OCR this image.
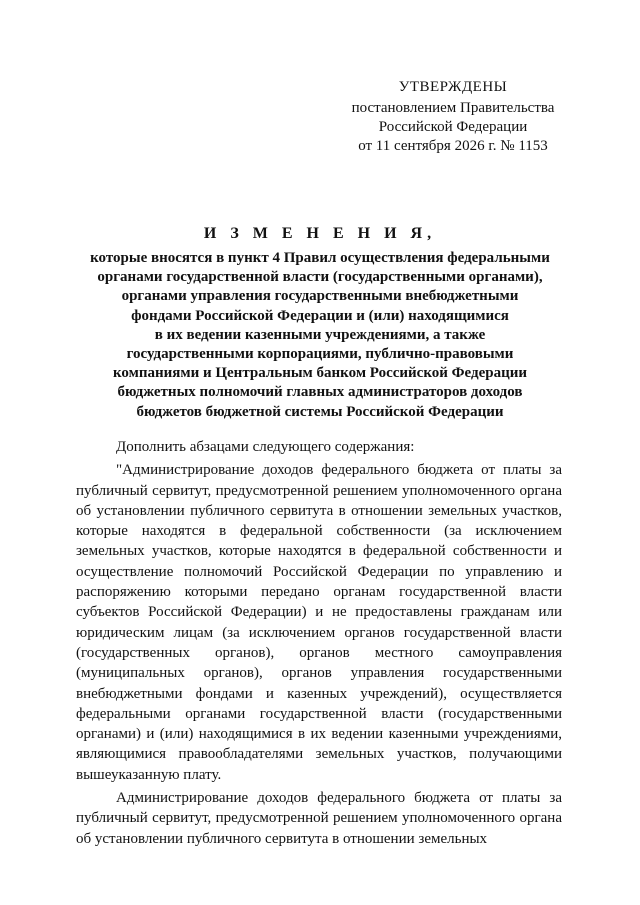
УТВЕРЖДЕНЫ
постановлением Правительства
Российской Федерации
от 11 сентября 2026 г. № 1153
И З М Е Н Е Н И Я,
которые вносятся в пункт 4 Правил осуществления федеральными
органами государственной власти (государственными органами),
органами управления государственными внебюджетными
фондами Российской Федерации и (или) находящимися
в их ведении казенными учреждениями, а также
государственными корпорациями, публично-правовыми
компаниями и Центральным банком Российской Федерации
бюджетных полномочий главных администраторов доходов
бюджетов бюджетной системы Российской Федерации

Дополнить абзацами следующего содержания:

"Администрирование доходов федерального бюджета от платы за публичный сервитут, предусмотренной решением уполномоченного органа об установлении публичного сервитута в отношении земельных участков, которые находятся в федеральной собственности (за исключением земельных участков, которые находятся в федеральной собственности и осуществление полномочий Российской Федерации по управлению и распоряжению которыми передано органам государственной власти субъектов Российской Федерации) и не предоставлены гражданам или юридическим лицам (за исключением органов государственной власти (государственных органов), органов местного самоуправления (муниципальных органов), органов управления государственными внебюджетными фондами и казенных учреждений), осуществляется федеральными органами государственной власти (государственными органами) и (или) находящимися в их ведении казенными учреждениями, являющимися правообладателями земельных участков, получающими вышеуказанную плату.

Администрирование доходов федерального бюджета от платы за публичный сервитут, предусмотренной решением уполномоченного органа об установлении публичного сервитута в отношении земельных
